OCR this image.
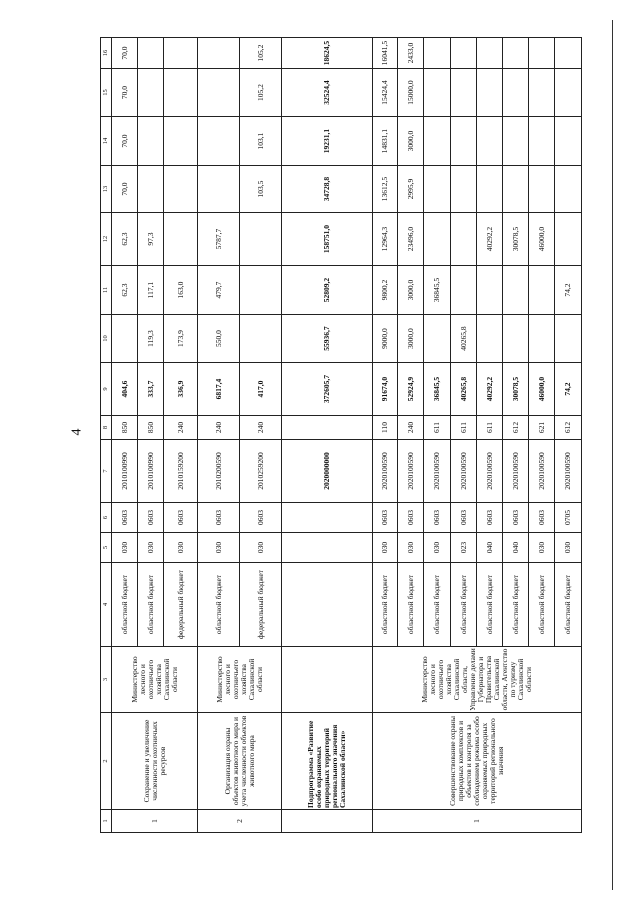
4
1	2	3	4	5	6	7	8	9	10	11	12	13	14	15	16
1	Сохранение и увеличение численности охотничьих ресурсов	Министерство лесного и охотничьего хозяйства Сахалинской области	областной бюджет	030	0603	2010100990	850	404,6		62,3	62,3	70,0	70,0	70,0	70,0
			областной бюджет	030	0603	2010100990	850	333,7	119,3	117,1	97,3				
			федеральный бюджет	030	0603	2010159200	240	336,9	173,9	163,0					
2	Организация охраны объектов животного мира и учета численности объектов животного мира	Министерство лесного и охотничьего хозяйства Сахалинской области	областной бюджет	030	0603	2010200590	240	6817,4	550,0	479,7	5787,7				
			федеральный бюджет	030	0603	2010259200	240	417,0				103,5	103,1	105,2	105,2
	Подпрограмма «Развитие особо охраняемых природных территорий регионального значения Сахалинской области»					2020000000		372605,7	55936,7	52809,2	158751,0	34728,8	19231,1	32524,4	18624,5
1	Совершенствование охраны природных комплексов и объектов и контроля за соблюдением режима особо охраняемых природных территорий регионального значения	Министерство лесного и охотничьего хозяйства Сахалинской области, Управление делами Губернатора и Правительства Сахалинской области, Агентство по туризму Сахалинской области	областной бюджет	030	0603	2020100590	110	91674,0	9000,0	9800,2	12964,3	13612,5	14831,1	15424,4	16041,5
			областной бюджет	030	0603	2020100590	240	52924,9	3000,0	3000,0	23496,0	2995,9	3000,0	15000,0	2433,0
			областной бюджет	030	0603	2020100590	611	36845,5		36845,5					
			областной бюджет	023	0603	2020100590	611	40265,8	40265,8						
			областной бюджет	040	0603	2020100590	611	40292,2			40292,2				
			областной бюджет	040	0603	2020100590	612	30078,5			30078,5				
			областной бюджет	030	0603	2020100590	621	46000,0			46000,0				
			областной бюджет	030	0705	2020100590	612	74,2		74,2					
